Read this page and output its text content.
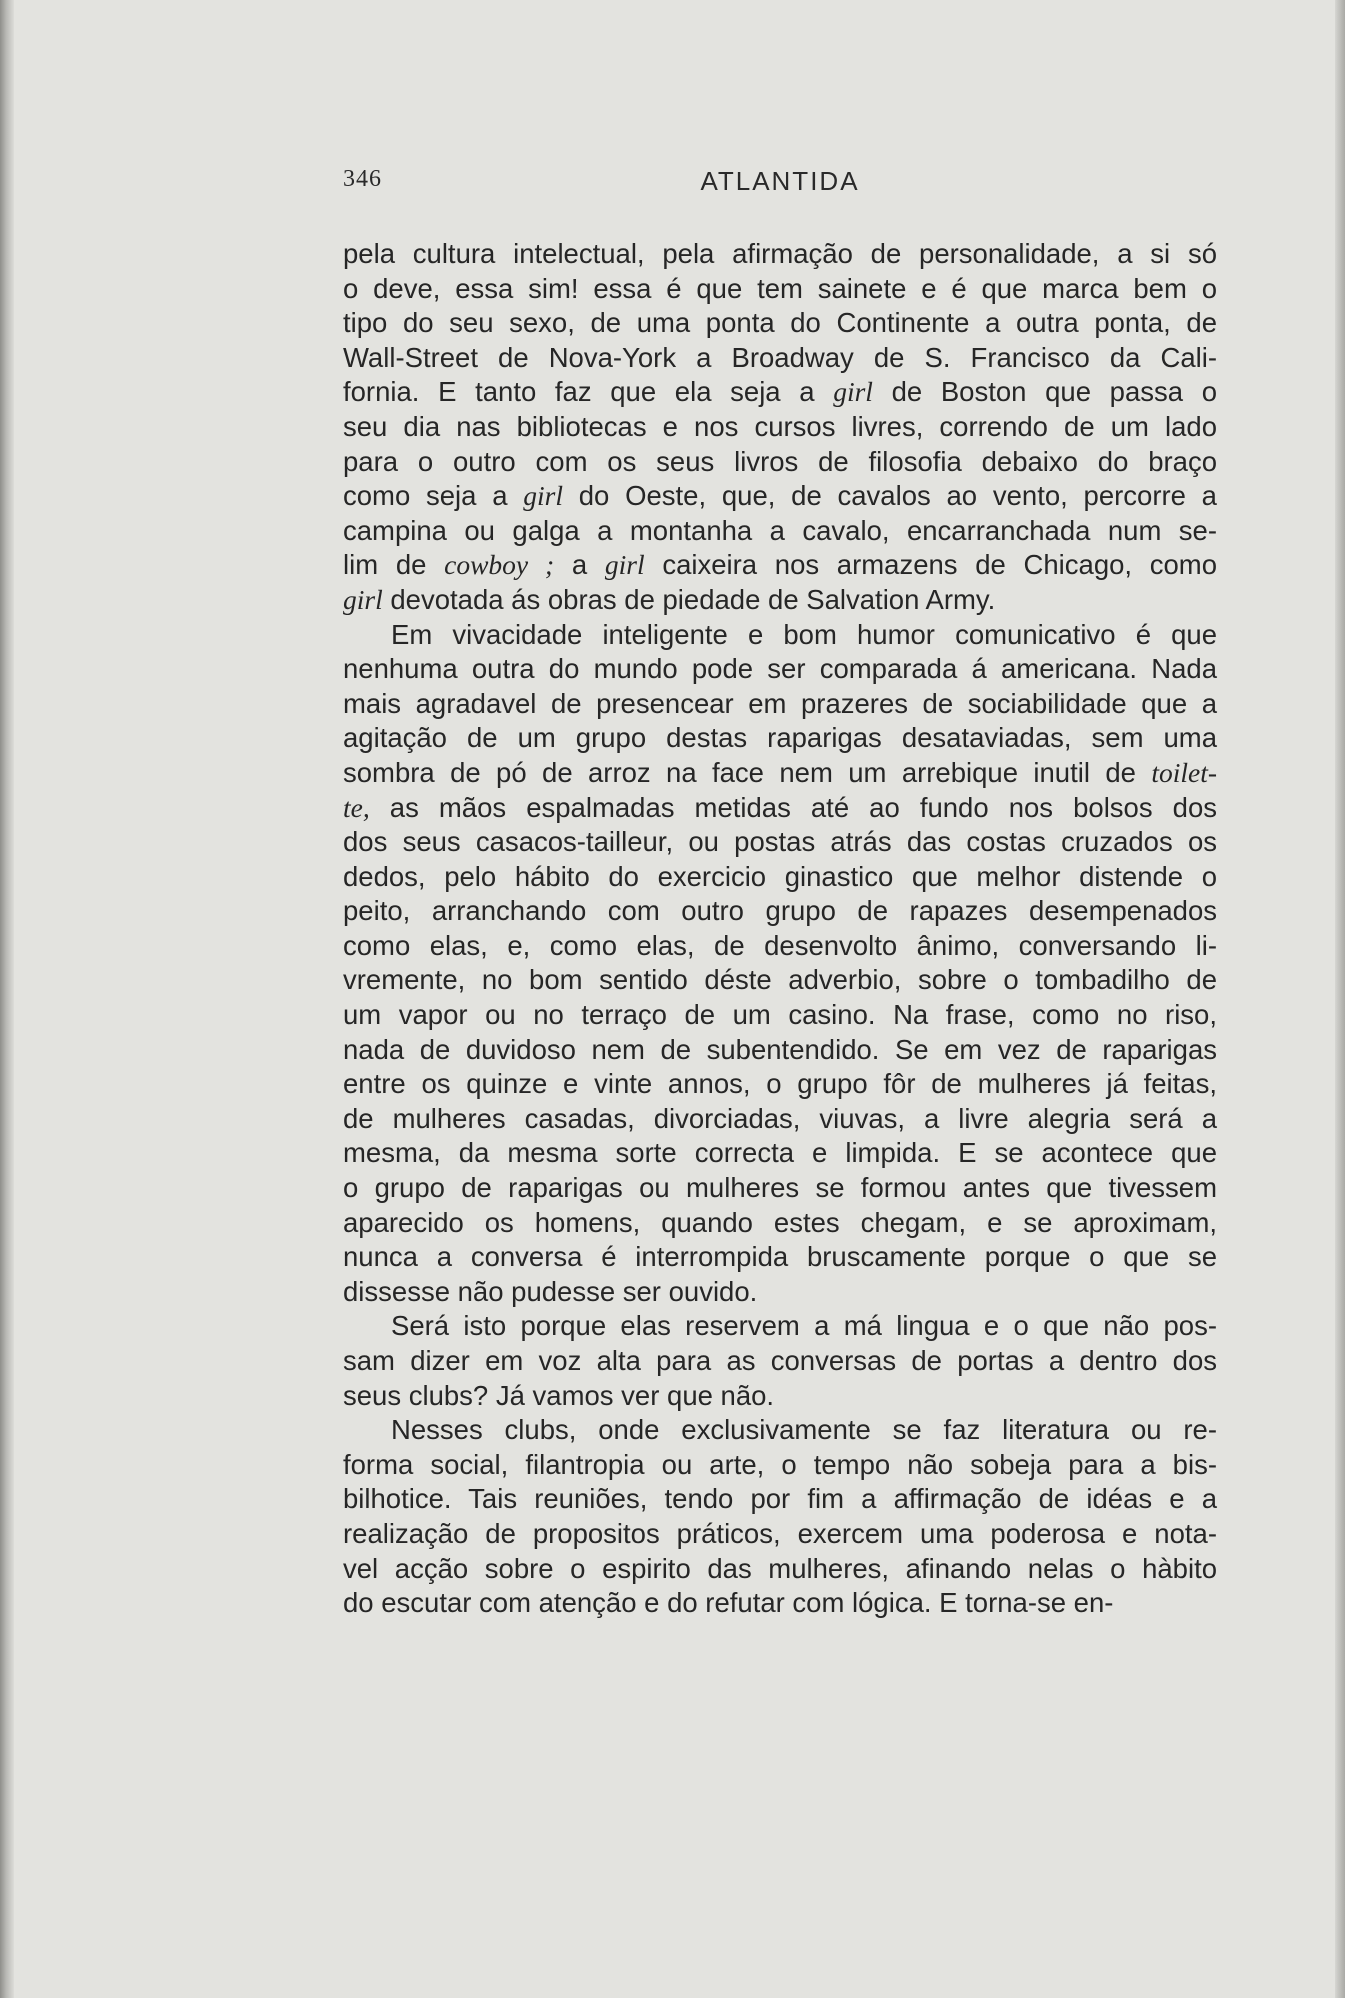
346	ATLANTIDA
pela cultura intelectual, pela afirmação de personalidade, a si só
o deve, essa sim! essa é que tem sainete e é que marca bem o
tipo do seu sexo, de uma ponta do Continente a outra ponta, de
Wall-Street de Nova-York a Broadway de S. Francisco da Cali-
fornia. E tanto faz que ela seja a girl de Boston que passa o
seu dia nas bibliotecas e nos cursos livres, correndo de um lado
para o outro com os seus livros de filosofia debaixo do braço
como seja a girl do Oeste, que, de cavalos ao vento, percorre a
campina ou galga a montanha a cavalo, encarranchada num se-
lim de cowboy ; a girl caixeira nos armazens de Chicago, como
girl devotada ás obras de piedade de Salvation Army.
Em vivacidade inteligente e bom humor comunicativo é que
nenhuma outra do mundo pode ser comparada á americana. Nada
mais agradavel de presencear em prazeres de sociabilidade que a
agitação de um grupo destas raparigas desataviadas, sem uma
sombra de pó de arroz na face nem um arrebique inutil de toilet-
te, as mãos espalmadas metidas até ao fundo nos bolsos dos
dos seus casacos-tailleur, ou postas atrás das costas cruzados os
dedos, pelo hábito do exercicio ginastico que melhor distende o
peito, arranchando com outro grupo de rapazes desempenados
como elas, e, como elas, de desenvolto ânimo, conversando li-
vremente, no bom sentido déste adverbio, sobre o tombadilho de
um vapor ou no terraço de um casino. Na frase, como no riso,
nada de duvidoso nem de subentendido. Se em vez de raparigas
entre os quinze e vinte annos, o grupo fôr de mulheres já feitas,
de mulheres casadas, divorciadas, viuvas, a livre alegria será a
mesma, da mesma sorte correcta e limpida. E se acontece que
o grupo de raparigas ou mulheres se formou antes que tivessem
aparecido os homens, quando estes chegam, e se aproximam,
nunca a conversa é interrompida bruscamente porque o que se
dissesse não pudesse ser ouvido.
Será isto porque elas reservem a má lingua e o que não pos-
sam dizer em voz alta para as conversas de portas a dentro dos
seus clubs? Já vamos ver que não.
Nesses clubs, onde exclusivamente se faz literatura ou re-
forma social, filantropia ou arte, o tempo não sobeja para a bis-
bilhotice. Tais reuniões, tendo por fim a affirmação de idéas e a
realização de propositos práticos, exercem uma poderosa e nota-
vel acção sobre o espirito das mulheres, afinando nelas o hàbito
do escutar com atenção e do refutar com lógica. E torna-se en-
